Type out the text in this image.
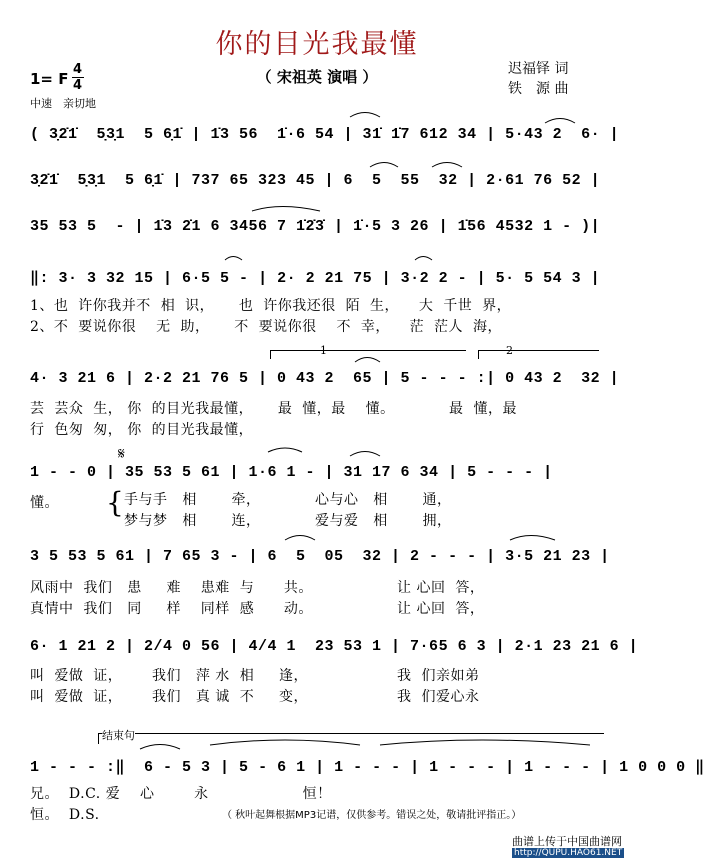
你的目光我最懂
（ 宋祖英 演唱 ）	迟福铎 词
铁　源 曲
1= F
4
4
中速　亲切地
( 3̣2̇1̇  5̣3̣1  5 6̣1̇ | 1̇3 56  1̇·6 54 | 31̇ 1̇7 612 34 | 5·43 2  6· |
3̣2̇1̇  5̣3̣1  5 6̣1̇ | 737 65 323 45 | 6  5  55  32 | 2·61 76 52 |
35 53 5  - | 1̇3 2̇1 6 3456 7 1̇2̇3̇ | 1̇·5 3 26 | 1̇56 4532 1 - )|
‖: 3· 3 32 15 | 6·5 5 - | 2· 2 21 75 | 3·2 2 - | 5· 5 54 3 |
1、也  许你我并不  相  识，     也  许你我还很  陌  生，    大  千世  界，
2、不  要说你很    无  助，     不  要说你很    不  幸，    茫  茫人  海，
1	2
4· 3 21 6 | 2·2 21 76 5 | 0 43 2  65 | 5 - - - :| 0 43 2  32 |
芸  芸众  生， 你  的目光我最懂，     最  懂，最    懂。           最  懂，最
行  色匆  匆， 你  的目光我最懂，
𝄋
1 - - 0 | 35 53 5 61 | 1·6 1 - | 31 17 6 34 | 5 - - - |
懂。 { 手与手   相       牵，           心与心   相       通，
梦与梦   相       连，           爱与爱   相       拥，
3 5 53 5 61 | 7 65 3 - | 6  5  05  32 | 2 - - - | 3·5 21 23 |
风雨中  我们   患     难    患难  与      共。                 让 心回  答，
真情中  我们   同     样    同样  感      动。                 让 心回  答，
6· 1 21 2 | 2/4 0 56 | 4/4 1  23 53 1 | 7·65 6 3 | 2·1 23 21 6 |
叫  爱做  证，      我们   萍 水  相     逢，                  我  们亲如弟
叫  爱做  证，      我们   真 诚  不     变，                  我  们爱心永
结束句
1 - - - :‖  6 - 5 3 | 5 - 6 1 | 1 - - - | 1 - - - | 1 - - - | 1 0 0 0 ‖
兄。  D.C. 爱    心        永                   恒！
恒。  D.S.	（ 秋叶起舞根据MP3记谱，仅供参考。错误之处，敬请批评指正。）
曲谱上传于中国曲谱网
http://QUPU.HAO61.NET
